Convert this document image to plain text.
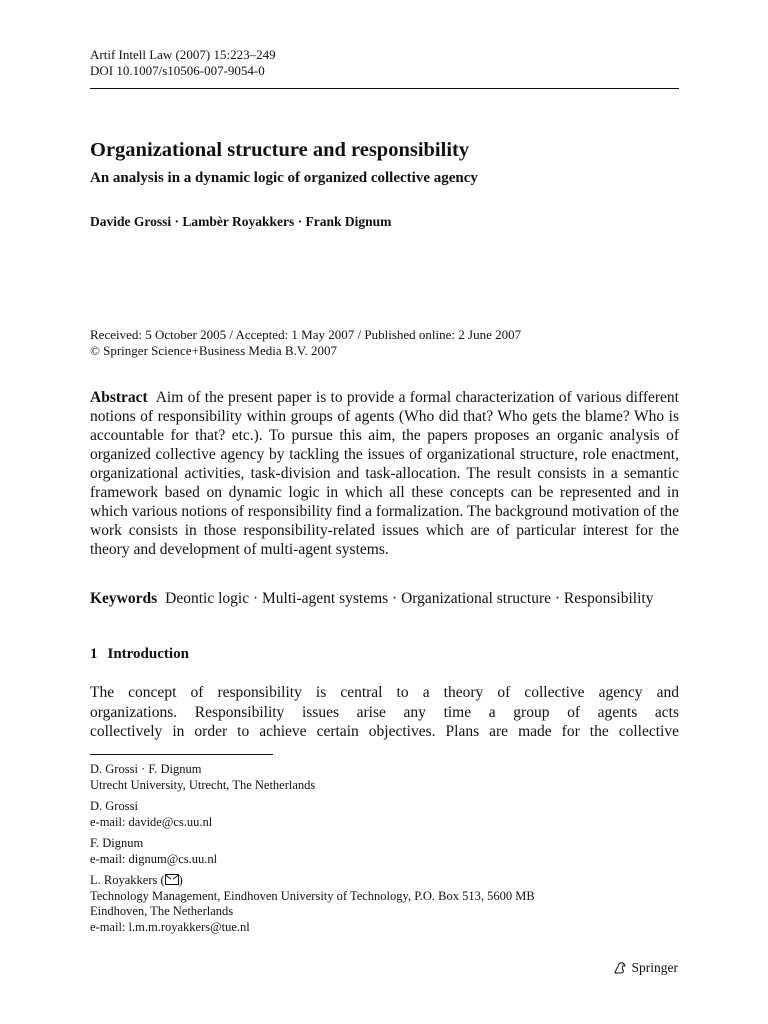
Artif Intell Law (2007) 15:223–249
DOI 10.1007/s10506-007-9054-0
Organizational structure and responsibility
An analysis in a dynamic logic of organized collective agency
Davide Grossi · Lambèr Royakkers · Frank Dignum
Received: 5 October 2005 / Accepted: 1 May 2007 / Published online: 2 June 2007
© Springer Science+Business Media B.V. 2007
Abstract Aim of the present paper is to provide a formal characterization of various different notions of responsibility within groups of agents (Who did that? Who gets the blame? Who is accountable for that? etc.). To pursue this aim, the papers proposes an organic analysis of organized collective agency by tackling the issues of organizational structure, role enactment, organizational activities, task-division and task-allocation. The result consists in a semantic framework based on dynamic logic in which all these concepts can be represented and in which various notions of responsibility find a formalization. The background motivation of the work consists in those responsibility-related issues which are of particular interest for the theory and development of multi-agent systems.
Keywords Deontic logic · Multi-agent systems · Organizational structure · Responsibility
1 Introduction
The concept of responsibility is central to a theory of collective agency and
organizations. Responsibility issues arise any time a group of agents acts
collectively in order to achieve certain objectives. Plans are made for the collective
D. Grossi · F. Dignum
Utrecht University, Utrecht, The Netherlands
D. Grossi
e-mail: davide@cs.uu.nl
F. Dignum
e-mail: dignum@cs.uu.nl
L. Royakkers ( )
Technology Management, Eindhoven University of Technology, P.O. Box 513, 5600 MB
Eindhoven, The Netherlands
e-mail: l.m.m.royakkers@tue.nl
Springer
